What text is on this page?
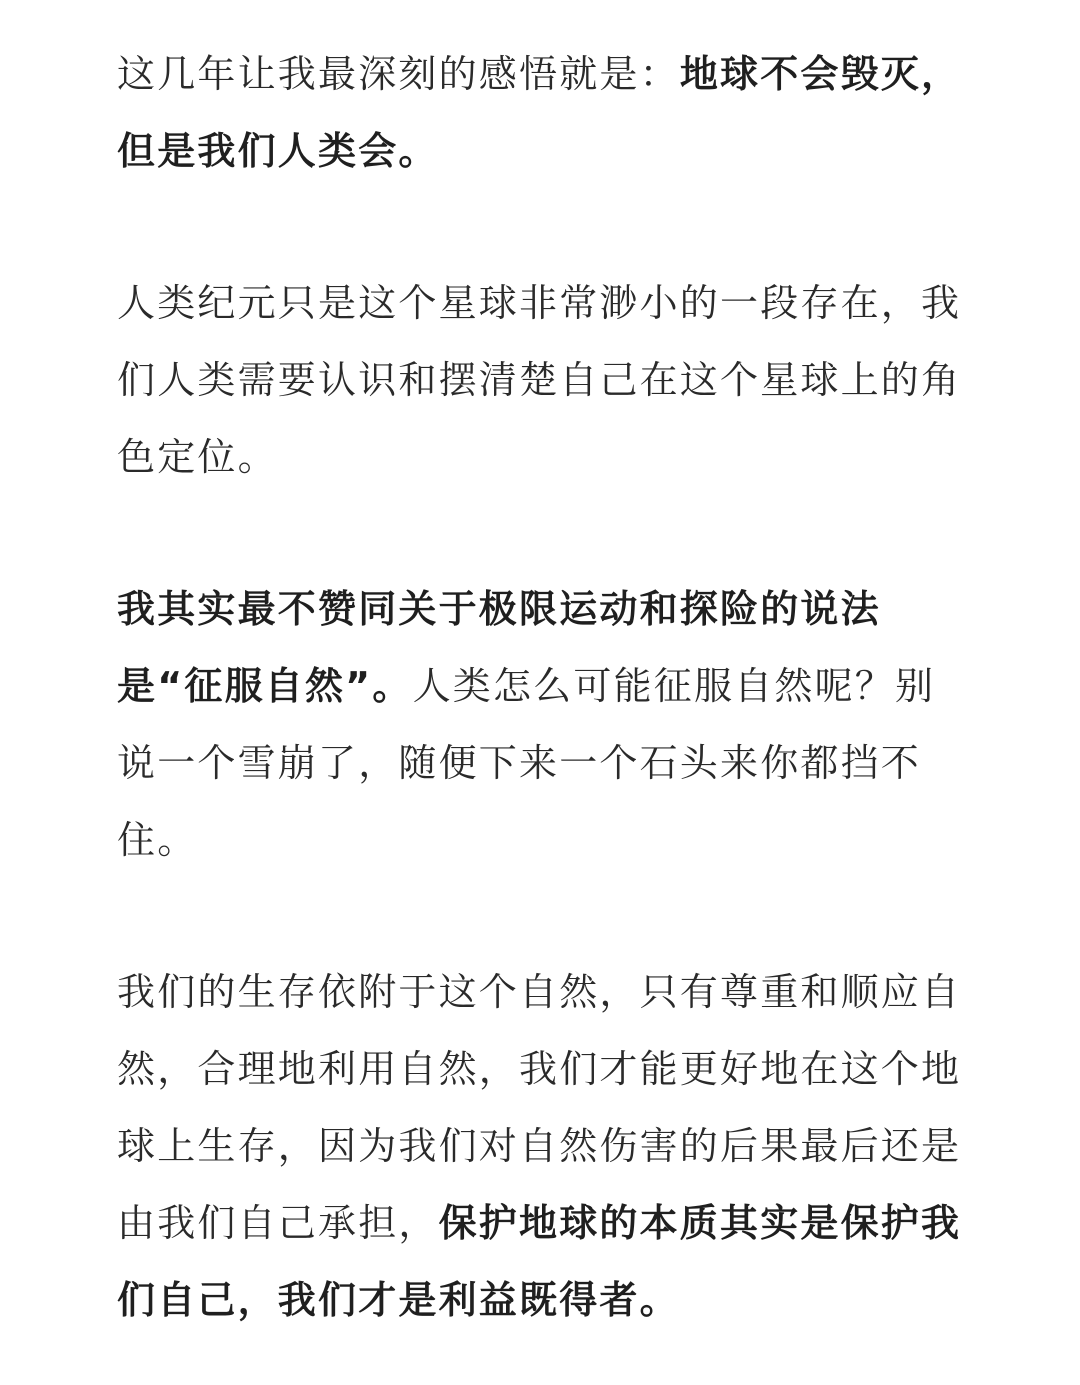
这几年让我最深刻的感悟就是：地球不会毁灭，但是我们人类会。

人类纪元只是这个星球非常渺小的一段存在，我们人类需要认识和摆清楚自己在这个星球上的角色定位。

我其实最不赞同关于极限运动和探险的说法是“征服自然”。人类怎么可能征服自然呢？别说一个雪崩了，随便下来一个石头来你都挡不住。

我们的生存依附于这个自然，只有尊重和顺应自然，合理地利用自然，我们才能更好地在这个地球上生存，因为我们对自然伤害的后果最后还是由我们自己承担，保护地球的本质其实是保护我们自己，我们才是利益既得者。
